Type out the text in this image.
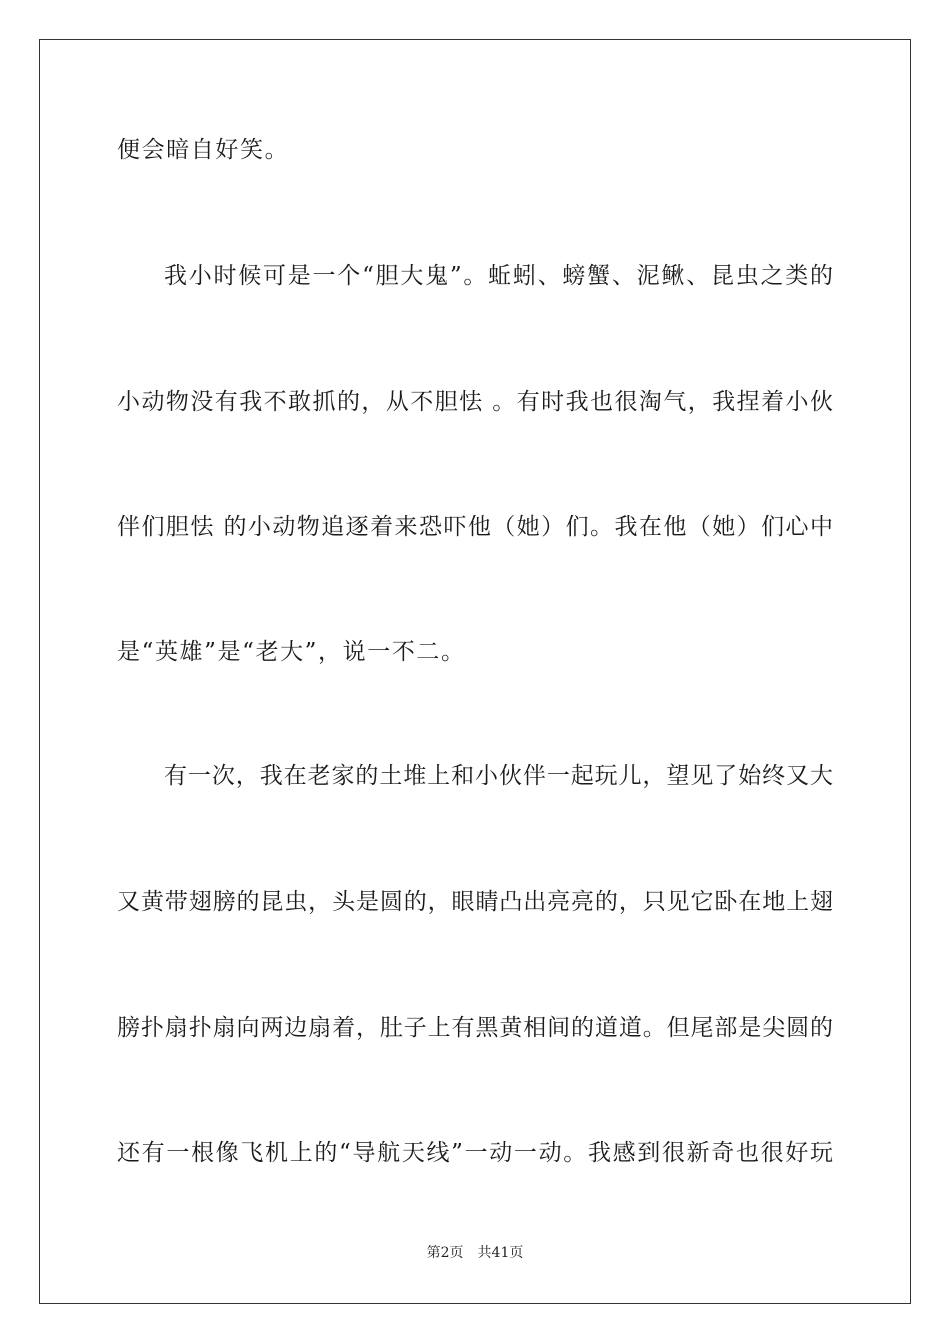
便会暗自好笑。
我小时候可是一个“胆大鬼”。蚯蚓、螃蟹、泥鳅、昆虫之类的
小动物没有我不敢抓的，从不胆怯 。有时我也很淘气，我捏着小伙
伴们胆怯 的小动物追逐着来恐吓他（她）们。我在他（她）们心中
是“英雄”是“老大”，说一不二。
有一次，我在老家的土堆上和小伙伴一起玩儿，望见了始终又大
又黄带翅膀的昆虫，头是圆的，眼睛凸出亮亮的，只见它卧在地上翅
膀扑扇扑扇向两边扇着，肚子上有黑黄相间的道道。但尾部是尖圆的
还有一根像飞机上的“导航天线”一动一动。我感到很新奇也很好玩
第2页 共41页
